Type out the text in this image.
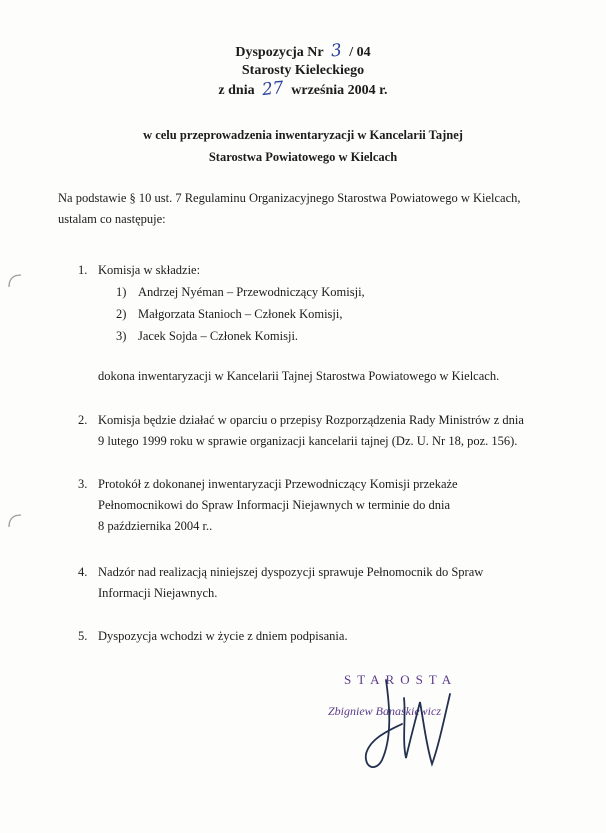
Dyspozycja Nr 3 / 04
Starosty Kieleckiego
z dnia 27 września 2004 r.
w celu przeprowadzenia inwentaryzacji w Kancelarii Tajnej
Starostwa Powiatowego w Kielcach
Na podstawie § 10 ust. 7 Regulaminu Organizacyjnego Starostwa Powiatowego w Kielcach,
ustalam co następuje:
1. Komisja w składzie:
1) Andrzej Nyéman – Przewodniczący Komisji,
2) Małgorzata Stanioch – Członek Komisji,
3) Jacek Sojda – Członek Komisji.
dokona inwentaryzacji w Kancelarii Tajnej Starostwa Powiatowego w Kielcach.
2. Komisja będzie działać w oparciu o przepisy Rozporządzenia Rady Ministrów z dnia
9 lutego 1999 roku w sprawie organizacji kancelarii tajnej (Dz. U. Nr 18, poz. 156).
3. Protokół z dokonanej inwentaryzacji Przewodniczący Komisji przekaże
Pełnomocnikowi do Spraw Informacji Niejawnych w terminie do dnia
8 października 2004 r..
4. Nadzór nad realizacją niniejszej dyspozycji sprawuje Pełnomocnik do Spraw
Informacji Niejawnych.
5. Dyspozycja wchodzi w życie z dniem podpisania.
STAROSTA
Zbigniew Banaśkiewicz
